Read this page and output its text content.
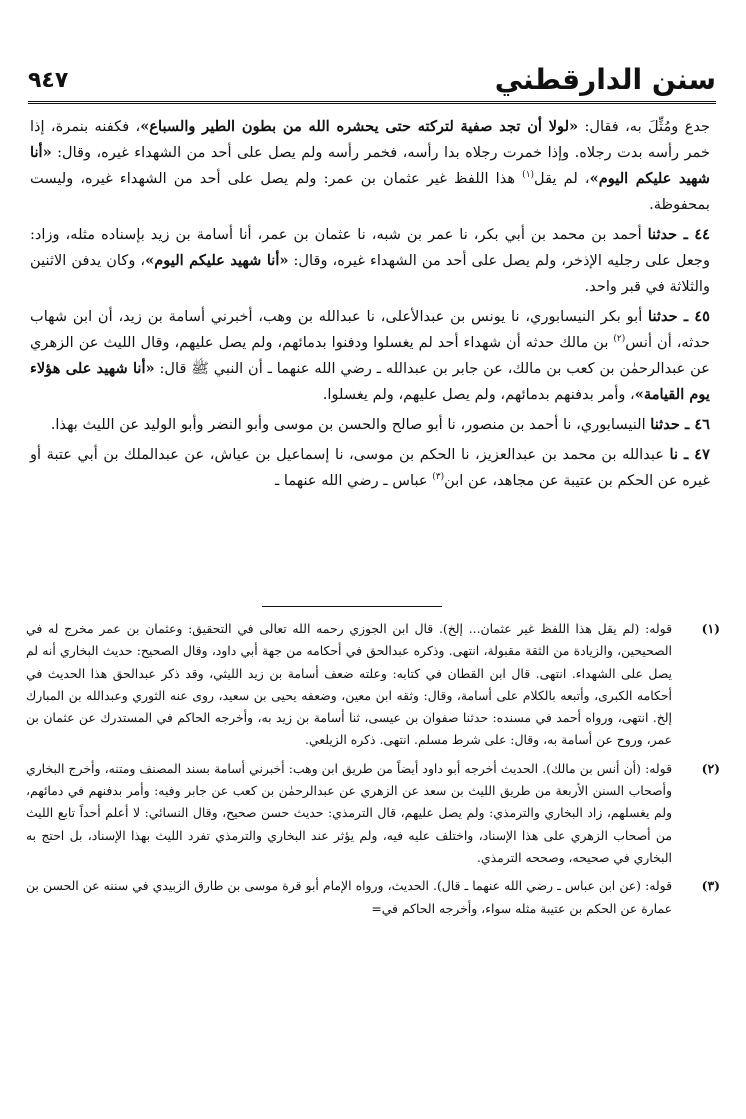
سنن الدارقطني
٩٤٧

جدع ومُثِّلَ به، فقال: «لولا أن تجد صفية لتركته حتى يحشره الله من بطون الطير والسباع»، فكفنه بنمرة، إذا خمر رأسه بدت رجلاه. وإذا خمرت رجلاه بدا رأسه، فخمر رأسه ولم يصل على أحد من الشهداء غيره، وقال: «أنا شهيد عليكم اليوم»، لم يقل$^{(١)}$ هذا اللفظ غير عثمان بن عمر: ولم يصل على أحد من الشهداء غيره، وليست بمحفوظة.

٤٤ ـ حدثنا أحمد بن محمد بن أبي بكر، نا عمر بن شبه، نا عثمان بن عمر، أنا أسامة بن زيد بإسناده مثله، وزاد: وجعل على رجليه الإذخر، ولم يصل على أحد من الشهداء غيره، وقال: «أنا شهيد عليكم اليوم»، وكان يدفن الاثنين والثلاثة في قبر واحد.

٤٥ ـ حدثنا أبو بكر النيسابوري، نا يونس بن عبدالأعلى، نا عبدالله بن وهب، أخبرني أسامة بن زيد، أن ابن شهاب حدثه، أن أنس$^{(٢)}$ بن مالك حدثه أن شهداء أحد لم يغسلوا ودفنوا بدمائهم، ولم يصل عليهم، وقال الليث عن الزهري عن عبدالرحمٰن بن كعب بن مالك، عن جابر بن عبدالله ـ رضي الله عنهما ـ أن النبي ﷺ قال: «أنا شهيد على هؤلاء يوم القيامة»، وأمر بدفنهم بدمائهم، ولم يصل عليهم، ولم يغسلوا.

٤٦ ـ حدثنا النيسابوري، نا أحمد بن منصور، نا أبو صالح والحسن بن موسى وأبو النضر وأبو الوليد عن الليث بهذا.

٤٧ ـ نا عبدالله بن محمد بن عبدالعزيز، نا الحكم بن موسى، نا إسماعيل بن عياش، عن عبدالملك بن أبي عتبة أو غيره عن الحكم بن عتيبة عن مجاهد، عن ابن$^{(٣)}$ عباس ـ رضي الله عنهما ـ

(١)
قوله: (لم يقل هذا اللفظ غير عثمان... إلخ). قال ابن الجوزي رحمه الله تعالى في التحقيق: وعثمان بن عمر مخرج له في الصحيحين، والزيادة من الثقة مقبولة، انتهى. وذكره عبدالحق في أحكامه من جهة أبي داود، وقال الصحيح: حديث البخاري أنه لم يصل على الشهداء. انتهى. قال ابن القطان في كتابه: وعلته ضعف أسامة بن زيد الليثي، وقد ذكر عبدالحق هذا الحديث في أحكامه الكبرى، وأتبعه بالكلام على أسامة، وقال: وثقه ابن معين، وضعفه يحيى بن سعيد، روى عنه الثوري وعبدالله بن المبارك إلخ. انتهى، ورواه أحمد في مسنده: حدثنا صفوان بن عيسى، ثنا أسامة بن زيد به، وأخرجه الحاكم في المستدرك عن عثمان بن عمر، وروح عن أسامة به، وقال: على شرط مسلم. انتهى. ذكره الزيلعي.
(٢)
قوله: (أن أنس بن مالك). الحديث أخرجه أبو داود أيضاً من طريق ابن وهب: أخبرني أسامة بسند المصنف ومتنه، وأخرج البخاري وأصحاب السنن الأربعة من طريق الليث بن سعد عن الزهري عن عبدالرحمٰن بن كعب عن جابر وفيه: وأمر بدفنهم في دمائهم، ولم يغسلهم، زاد البخاري والترمذي: ولم يصل عليهم، قال الترمذي: حديث حسن صحيح، وقال النسائي: لا أعلم أحداً تابع الليث من أصحاب الزهري على هذا الإسناد، واختلف عليه فيه، ولم يؤثر عند البخاري والترمذي تفرد الليث بهذا الإسناد، بل احتج به البخاري في صحيحه، وصححه الترمذي.
(٣)
قوله: (عن ابن عباس ـ رضي الله عنهما ـ قال). الحديث، ورواه الإمام أبو قرة موسى بن طارق الزبيدي في سننه عن الحسن بن عمارة عن الحكم بن عتيبة مثله سواء، وأخرجه الحاكم في=
